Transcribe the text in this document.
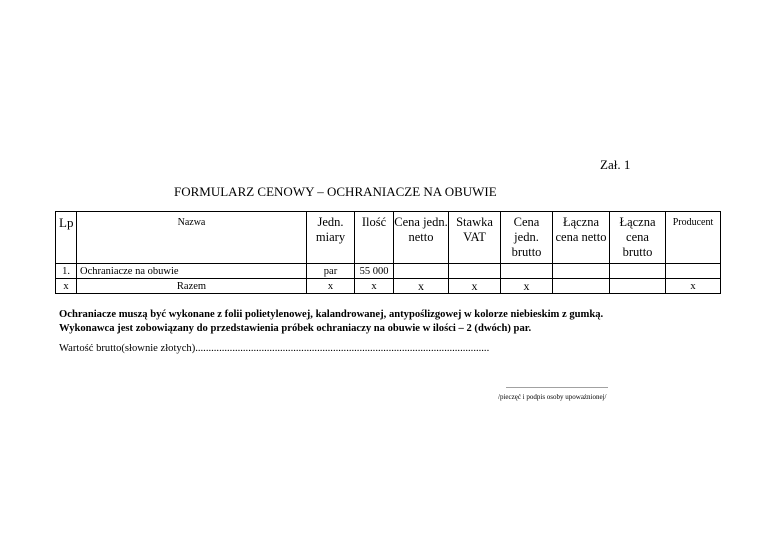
Zał. 1
FORMULARZ CENOWY – OCHRANIACZE NA OBUWIE
Lp	Nazwa	Jedn. miary	Ilość	Cena jedn. netto	Stawka VAT	Cena jedn. brutto	Łączna cena netto	Łączna cena brutto	Producent
1.	Ochraniacze na obuwie	par	55 000						
x	Razem	x	x	x	x	x			x
Ochraniacze muszą być wykonane z folii polietylenowej, kalandrowanej, antypoślizgowej w kolorze niebieskim z gumką.
Wykonawca jest zobowiązany do przedstawienia próbek ochraniaczy na obuwie w ilości – 2 (dwóch) par.
Wartość brutto(słownie złotych)...............................................................................................................
...................................................
/pieczęć i podpis osoby upoważnionej/
